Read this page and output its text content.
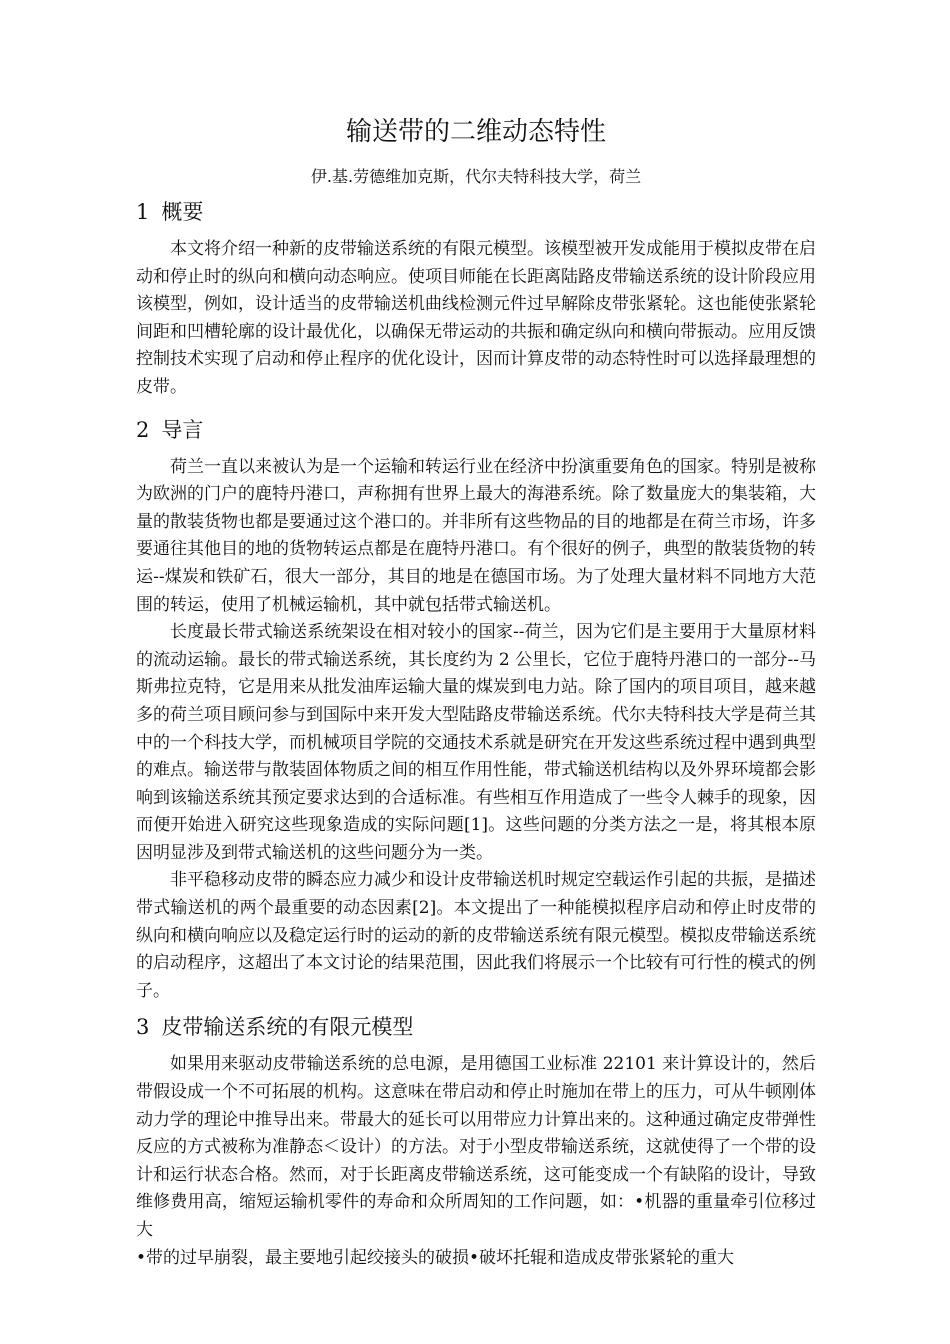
输送带的二维动态特性

伊.基.劳德维加克斯，代尔夫特科技大学，荷兰

1 概要

本文将介绍一种新的皮带输送系统的有限元模型。该模型被开发成能用于模拟皮带在启动和停止时的纵向和横向动态响应。使项目师能在长距离陆路皮带输送系统的设计阶段应用该模型，例如，设计适当的皮带输送机曲线检测元件过早解除皮带张紧轮。这也能使张紧轮间距和凹槽轮廓的设计最优化，以确保无带运动的共振和确定纵向和横向带振动。应用反馈控制技术实现了启动和停止程序的优化设计，因而计算皮带的动态特性时可以选择最理想的皮带。

2 导言

荷兰一直以来被认为是一个运输和转运行业在经济中扮演重要角色的国家。特别是被称为欧洲的门户的鹿特丹港口，声称拥有世界上最大的海港系统。除了数量庞大的集装箱，大量的散装货物也都是要通过这个港口的。并非所有这些物品的目的地都是在荷兰市场，许多要通往其他目的地的货物转运点都是在鹿特丹港口。有个很好的例子，典型的散装货物的转运--煤炭和铁矿石，很大一部分，其目的地是在德国市场。为了处理大量材料不同地方大范围的转运，使用了机械运输机，其中就包括带式输送机。

长度最长带式输送系统架设在相对较小的国家--荷兰，因为它们是主要用于大量原材料的流动运输。最长的带式输送系统，其长度约为 2 公里长，它位于鹿特丹港口的一部分--马斯弗拉克特，它是用来从批发油库运输大量的煤炭到电力站。除了国内的项目项目，越来越多的荷兰项目顾问参与到国际中来开发大型陆路皮带输送系统。代尔夫特科技大学是荷兰其中的一个科技大学，而机械项目学院的交通技术系就是研究在开发这些系统过程中遇到典型的难点。输送带与散装固体物质之间的相互作用性能，带式输送机结构以及外界环境都会影响到该输送系统其预定要求达到的合适标准。有些相互作用造成了一些令人棘手的现象，因而便开始进入研究这些现象造成的实际问题[1]。这些问题的分类方法之一是，将其根本原因明显涉及到带式输送机的这些问题分为一类。

非平稳移动皮带的瞬态应力减少和设计皮带输送机时规定空载运作引起的共振，是描述带式输送机的两个最重要的动态因素[2]。本文提出了一种能模拟程序启动和停止时皮带的纵向和横向响应以及稳定运行时的运动的新的皮带输送系统有限元模型。模拟皮带输送系统的启动程序，这超出了本文讨论的结果范围，因此我们将展示一个比较有可行性的模式的例子。

3 皮带输送系统的有限元模型

如果用来驱动皮带输送系统的总电源，是用德国工业标准 22101 来计算设计的，然后带假设成一个不可拓展的机构。这意味在带启动和停止时施加在带上的压力，可从牛顿刚体动力学的理论中推导出来。带最大的延长可以用带应力计算出来的。这种通过确定皮带弹性反应的方式被称为准静态＜设计）的方法。对于小型皮带输送系统，这就使得了一个带的设计和运行状态合格。然而，对于长距离皮带输送系统，这可能变成一个有缺陷的设计，导致维修费用高，缩短运输机零件的寿命和众所周知的工作问题，如：•机器的重量牵引位移过大

•带的过早崩裂，最主要地引起绞接头的破损•破坏托辊和造成皮带张紧轮的重大
